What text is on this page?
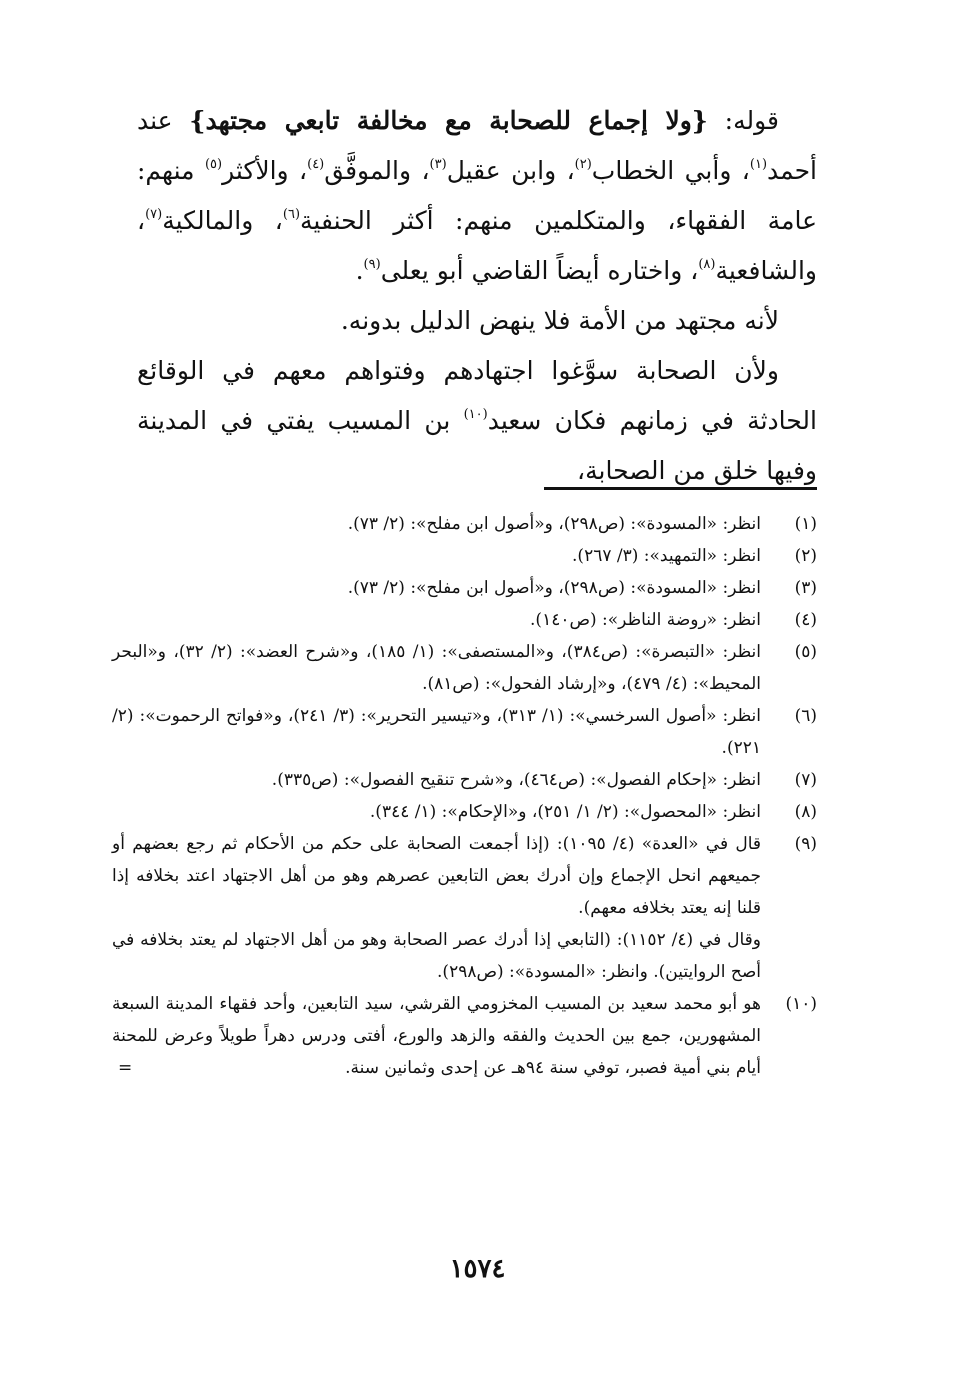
قوله: {ولا إجماع للصحابة مع مخالفة تابعي مجتهد} عند أحمد$^{(١)}$، وأبي الخطاب$^{(٢)}$، وابن عقيل$^{(٣)}$، والموفَّق$^{(٤)}$، والأكثر$^{(٥)}$ منهم: عامة الفقهاء، والمتكلمين منهم: أكثر الحنفية$^{(٦)}$، والمالكية$^{(٧)}$، والشافعية$^{(٨)}$، واختاره أيضاً القاضي أبو يعلى$^{(٩)}$.

لأنه مجتهد من الأمة فلا ينهض الدليل بدونه.

ولأن الصحابة سوَّغوا اجتهادهم وفتواهم معهم في الوقائع الحادثة في زمانهم فكان سعيد$^{(١٠)}$ بن المسيب يفتي في المدينة وفيها خلق من الصحابة،

(١)
انظر: «المسودة»: (ص٢٩٨)، و«أصول ابن مفلح»: (٢/ ٧٣).
(٢)
انظر: «التمهيد»: (٣/ ٢٦٧).
(٣)
انظر: «المسودة»: (ص٢٩٨)، و«أصول ابن مفلح»: (٢/ ٧٣).
(٤)
انظر: «روضة الناظر»: (ص١٤٠).
(٥)
انظر: «التبصرة»: (ص٣٨٤)، و«المستصفى»: (١/ ١٨٥)، و«شرح العضد»: (٢/ ٣٢)، و«البحر المحيط»: (٤/ ٤٧٩)، و«إرشاد الفحول»: (ص٨١).
(٦)
انظر: «أصول السرخسي»: (١/ ٣١٣)، و«تيسير التحرير»: (٣/ ٢٤١)، و«فواتح الرحموت»: (٢/ ٢٢١).
(٧)
انظر: «إحكام الفصول»: (ص٤٦٤)، و«شرح تنقيح الفصول»: (ص٣٣٥).
(٨)
انظر: «المحصول»: (٢/ ١/ ٢٥١)، و«الإحكام»: (١/ ٣٤٤).
(٩)
قال في «العدة» (٤/ ١٠٩٥): (إذا أجمعت الصحابة على حكم من الأحكام ثم رجع بعضهم أو جميعهم انحل الإجماع وإن أدرك بعض التابعين عصرهم وهو من أهل الاجتهاد اعتد بخلافه إذا قلنا إنه يعتد بخلافه معهم).
وقال في (٤/ ١١٥٢): (التابعي إذا أدرك عصر الصحابة وهو من أهل الاجتهاد لم يعتد بخلافه في أصح الروايتين). وانظر: «المسودة»: (ص٢٩٨).
(١٠)
هو أبو محمد سعيد بن المسيب المخزومي القرشي، سيد التابعين، وأحد فقهاء المدينة السبعة المشهورين، جمع بين الحديث والفقه والزهد والورع، أفتى ودرس دهراً طويلاً وعرض للمحنة أيام بني أمية فصبر، توفي سنة ٩٤هـ عن إحدى وثمانين سنة.
=
١٥٧٤
